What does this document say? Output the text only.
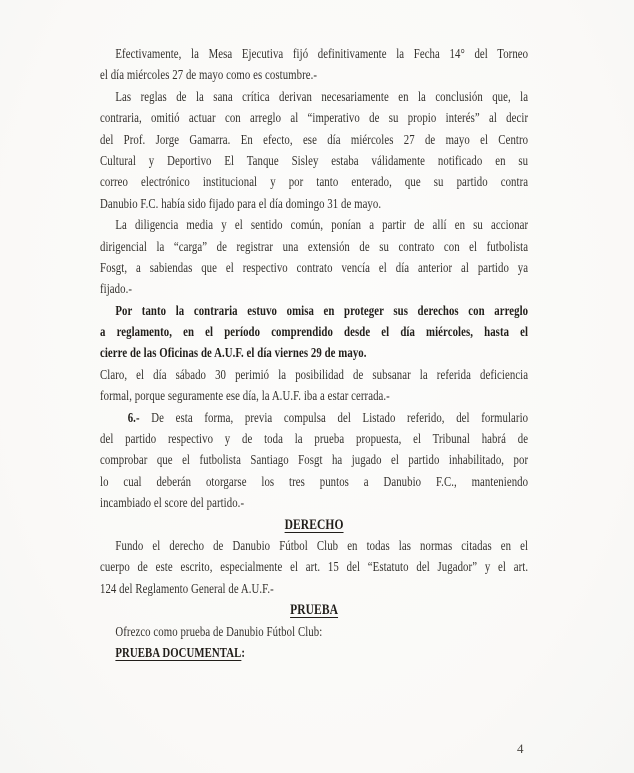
Efectivamente, la Mesa Ejecutiva fijó definitivamente la Fecha 14° del Torneo
el día miércoles 27 de mayo como es costumbre.-
Las reglas de la sana crítica derivan necesariamente en la conclusión que, la
contraria, omitió actuar con arreglo al “imperativo de su propio interés” al decir
del Prof. Jorge Gamarra. En efecto, ese día miércoles 27 de mayo el Centro
Cultural y Deportivo El Tanque Sisley estaba válidamente notificado en su
correo electrónico institucional y por tanto enterado, que su partido contra
Danubio F.C. había sido fijado para el día domingo 31 de mayo.
La diligencia media y el sentido común, ponían a partir de allí en su accionar
dirigencial la “carga” de registrar una extensión de su contrato con el futbolista
Fosgt, a sabiendas que el respectivo contrato vencía el día anterior al partido ya
fijado.-
Por tanto la contraria estuvo omisa en proteger sus derechos con arreglo
a reglamento, en el período comprendido desde el día miércoles, hasta el
cierre de las Oficinas de A.U.F. el día viernes 29 de mayo.
Claro, el día sábado 30 perimió la posibilidad de subsanar la referida deficiencia
formal, porque seguramente ese día, la A.U.F. iba a estar cerrada.-
6.- De esta forma, previa compulsa del Listado referido, del formulario
del partido respectivo y de toda la prueba propuesta, el Tribunal habrá de
comprobar que el futbolista Santiago Fosgt ha jugado el partido inhabilitado, por
lo cual deberán otorgarse los tres puntos a Danubio F.C., manteniendo
incambiado el score del partido.-
DERECHO
Fundo el derecho de Danubio Fútbol Club en todas las normas citadas en el
cuerpo de este escrito, especialmente el art. 15 del “Estatuto del Jugador” y el art.
124 del Reglamento General de A.U.F.-
PRUEBA
Ofrezco como prueba de Danubio Fútbol Club:
PRUEBA DOCUMENTAL:
4
